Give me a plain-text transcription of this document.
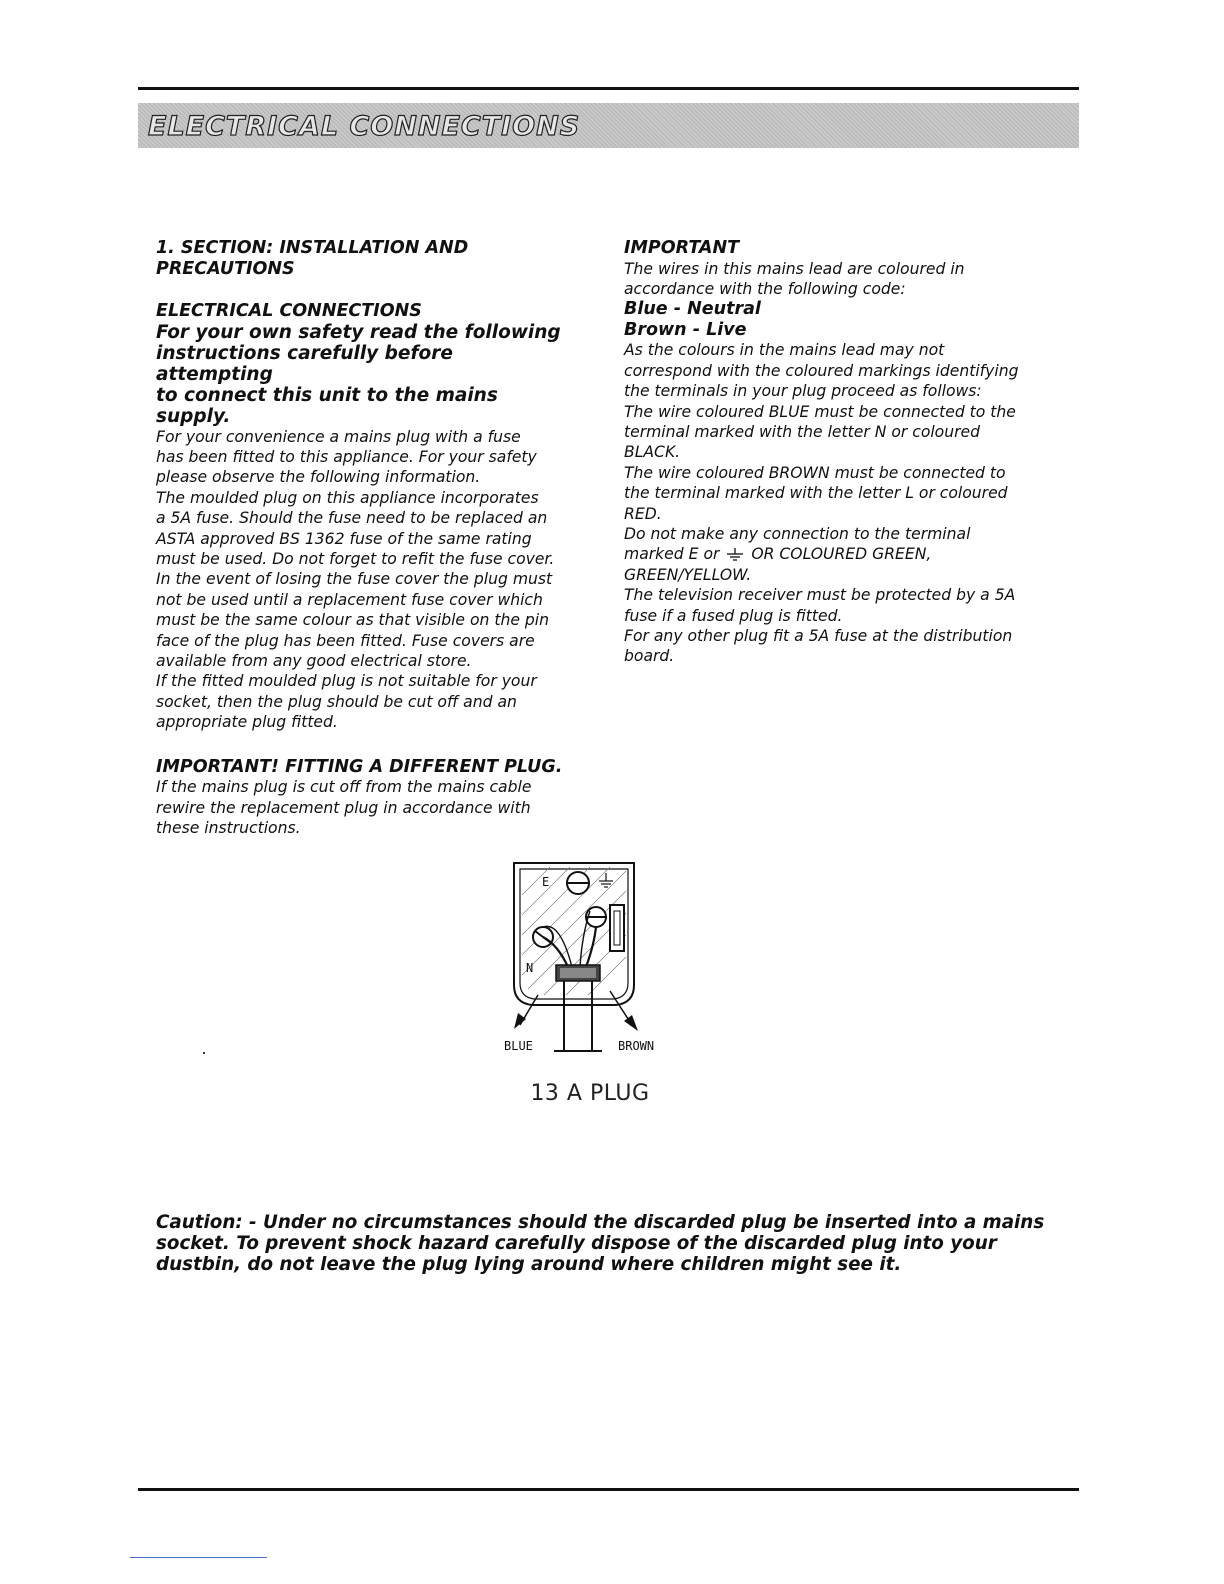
ELECTRICAL CONNECTIONS
1. SECTION: INSTALLATION AND
PRECAUTIONS
ELECTRICAL CONNECTIONS
For your own safety read the following
instructions carefully before attempting
to connect this unit to the mains supply.

For your convenience a mains plug with a fuse

has been fitted to this appliance. For your safety

please observe the following information.

The moulded plug on this appliance incorporates

a 5A fuse. Should the fuse need to be replaced an

ASTA approved BS 1362 fuse of the same rating

must be used. Do not forget to refit the fuse cover.

In the event of losing the fuse cover the plug must

not be used until a replacement fuse cover which

must be the same colour as that visible on the pin

face of the plug has been fitted. Fuse covers are

available from any good electrical store.

If the fitted moulded plug is not suitable for your

socket, then the plug should be cut off and an

appropriate plug fitted.

IMPORTANT! FITTING A DIFFERENT PLUG.

If the mains plug is cut off from the mains cable

rewire the replacement plug in accordance with

these instructions.

IMPORTANT

The wires in this mains lead are coloured in

accordance with the following code:

Blue - Neutral
Brown - Live

As the colours in the mains lead may not

correspond with the coloured markings identifying

the terminals in your plug proceed as follows:

The wire coloured BLUE must be connected to the

terminal marked with the letter N or coloured

BLACK.

The wire coloured BROWN must be connected to

the terminal marked with the letter L or coloured

RED.

Do not make any connection to the terminal

marked E or OR COLOURED GREEN,

GREEN/YELLOW.

The television receiver must be protected by a 5A

fuse if a fused plug is fitted.

For any other plug fit a 5A fuse at the distribution

board.

E
N
BLUE	BROWN
13 A PLUG
Caution: - Under no circumstances should the discarded plug be inserted into a mains
socket. To prevent shock hazard carefully dispose of the discarded plug into your
dustbin, do not leave the plug lying around where children might see it.
